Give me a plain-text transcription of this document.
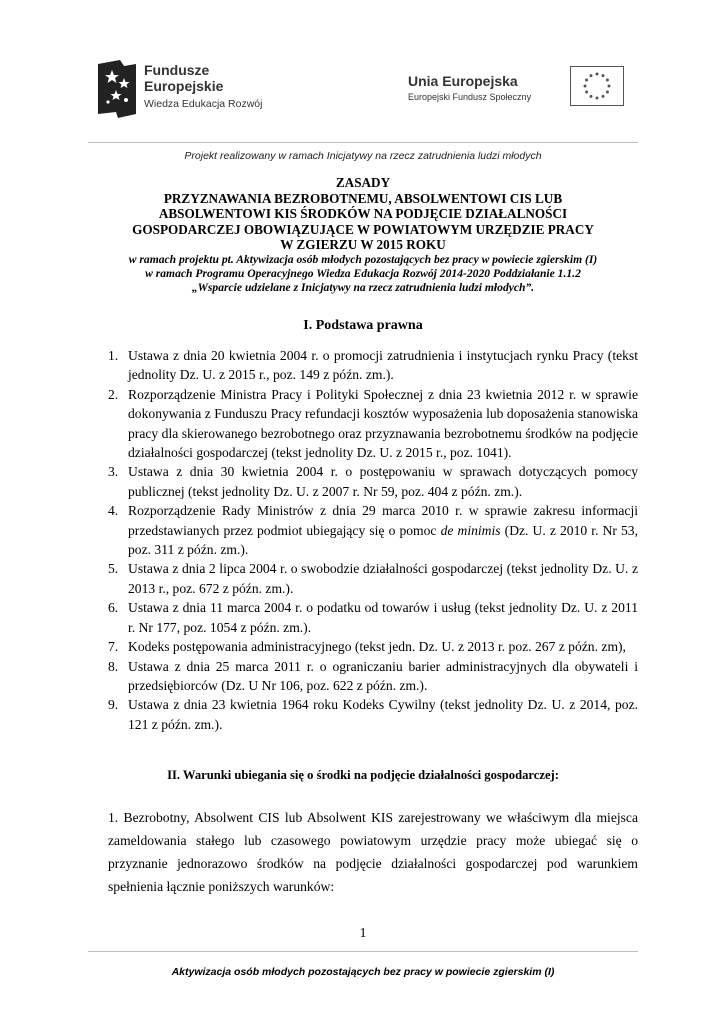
Fundusze
Europejskie
Wiedza Edukacja Rozwój
Unia Europejska
Europejski Fundusz Społeczny
Projekt realizowany w ramach Inicjatywy na rzecz zatrudnienia ludzi młodych

ZASADY

PRZYZNAWANIA BEZROBOTNEMU, ABSOLWENTOWI CIS LUB

ABSOLWENTOWI KIS ŚRODKÓW NA PODJĘCIE DZIAŁALNOŚCI

GOSPODARCZEJ OBOWIĄZUJĄCE W POWIATOWYM URZĘDZIE PRACY

W ZGIERZU W 2015 ROKU

w ramach projektu pt. Aktywizacja osób młodych pozostających bez pracy w powiecie zgierskim (I)

w ramach Programu Operacyjnego Wiedza Edukacja Rozwój 2014-2020 Poddziałanie 1.1.2

„Wsparcie udzielane z Inicjatywy na rzecz zatrudnienia ludzi młodych”.

I. Podstawa prawna
1. Ustawa z dnia 20 kwietnia 2004 r. o promocji zatrudnienia i instytucjach rynku Pracy (tekst jednolity Dz. U. z 2015 r., poz. 149 z późn. zm.).
2. Rozporządzenie Ministra Pracy i Polityki Społecznej z dnia 23 kwietnia 2012 r. w sprawie dokonywania z Funduszu Pracy refundacji kosztów wyposażenia lub doposażenia stanowiska pracy dla skierowanego bezrobotnego oraz przyznawania bezrobotnemu środków na podjęcie działalności gospodarczej (tekst jednolity Dz. U. z 2015 r., poz. 1041).
3. Ustawa z dnia 30 kwietnia 2004 r. o postępowaniu w sprawach dotyczących pomocy publicznej (tekst jednolity Dz. U. z 2007 r. Nr 59, poz. 404 z późn. zm.).
4. Rozporządzenie Rady Ministrów z dnia 29 marca 2010 r. w sprawie zakresu informacji przedstawianych przez podmiot ubiegający się o pomoc de minimis (Dz. U. z 2010 r. Nr 53, poz. 311 z późn. zm.).
5. Ustawa z dnia 2 lipca 2004 r. o swobodzie działalności gospodarczej (tekst jednolity Dz. U. z 2013 r., poz. 672 z późn. zm.).
6. Ustawa z dnia 11 marca 2004 r. o podatku od towarów i usług (tekst jednolity Dz. U. z 2011 r. Nr 177, poz. 1054 z późn. zm.).
7. Kodeks postępowania administracyjnego (tekst jedn. Dz. U. z 2013 r. poz. 267 z późn. zm),
8. Ustawa z dnia 25 marca 2011 r. o ograniczaniu barier administracyjnych dla obywateli i przedsiębiorców (Dz. U Nr 106, poz. 622 z późn. zm.).
9. Ustawa z dnia 23 kwietnia 1964 roku Kodeks Cywilny (tekst jednolity Dz. U. z 2014, poz. 121 z późn. zm.).
II. Warunki ubiegania się o środki na podjęcie działalności gospodarczej:
1. Bezrobotny, Absolwent CIS lub Absolwent KIS zarejestrowany we właściwym dla miejsca zameldowania stałego lub czasowego powiatowym urzędzie pracy może ubiegać się o przyznanie jednorazowo środków na podjęcie działalności gospodarczej pod warunkiem spełnienia łącznie poniższych warunków:
1
Aktywizacja osób młodych pozostających bez pracy w powiecie zgierskim (I)
